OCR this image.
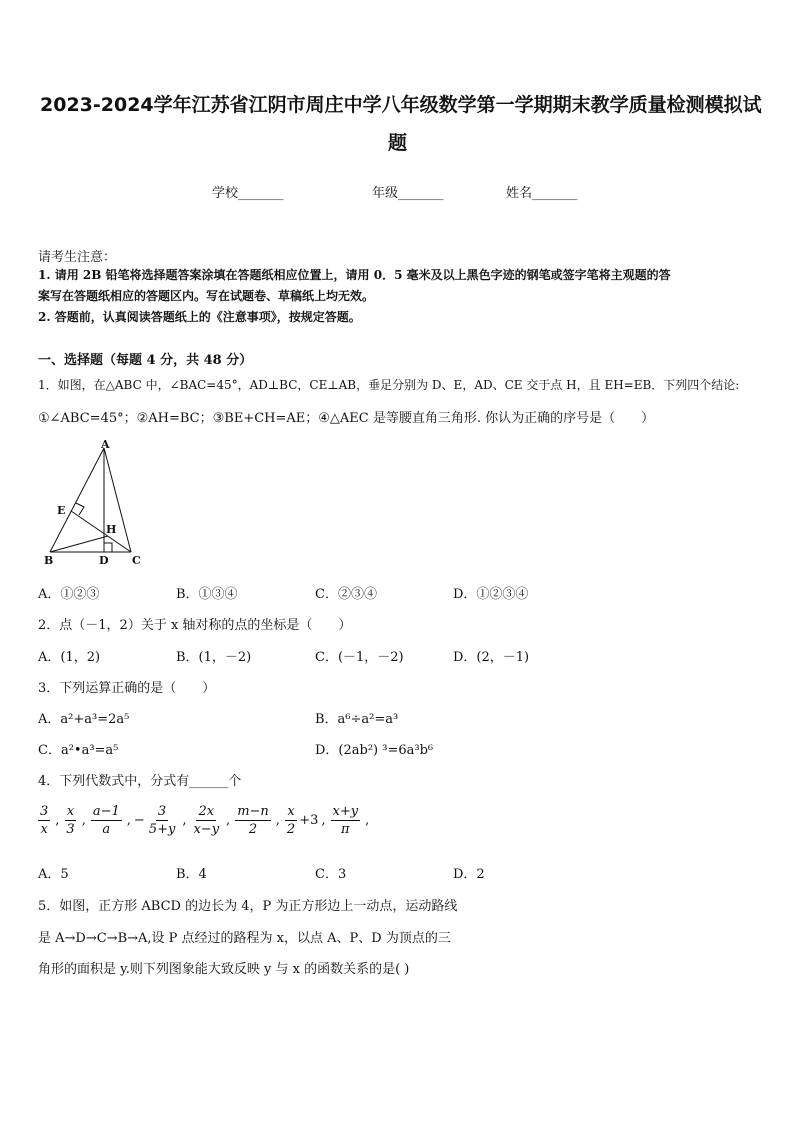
2023-2024学年江苏省江阴市周庄中学八年级数学第一学期期末教学质量检测模拟试
题
学校_______	年级_______	姓名_______
请考生注意：
1. 请用 2B 铅笔将选择题答案涂填在答题纸相应位置上，请用 0．5 毫米及以上黑色字迹的钢笔或签字笔将主观题的答
案写在答题纸相应的答题区内。写在试题卷、草稿纸上均无效。
2. 答题前，认真阅读答题纸上的《注意事项》，按规定答题。
一、选择题（每题 4 分，共 48 分）
1．如图，在△ABC 中，∠BAC=45°，AD⊥BC，CE⊥AB，垂足分别为 D、E，AD、CE 交于点 H，且 EH=EB．下列四个结论:
①∠ABC=45°；②AH=BC；③BE+CH=AE；④△AEC 是等腰直角三角形. 你认为正确的序号是（　　）
A
E
H
B	D C
A．①②③	B．①③④	C．②③④	D．①②③④
2．点（－1，2）关于 x 轴对称的点的坐标是（　　）
A．(1，2)	B．(1，－2)	C．(－1，－2)	D．(2，－1)
3．下列运算正确的是（　　）
A．a²+a³=2a⁵	B．a⁶÷a²=a³
C．a²•a³=a⁵	D．(2ab²) ³=6a³b⁶
4．下列代数式中，分式有______个
$\frac{3}{x}$ , $\frac{x}{3}$ , $\frac{a-1}{a}$ , − $\frac{3}{5+y}$ , $\frac{2x}{x-y}$ , $\frac{m-n}{2}$ , $\frac{x}{2} +3$ , $\frac{x+y}{\pi}$ ,
A．5	B．4	C．3	D．2
5．如图，正方形 ABCD 的边长为 4，P 为正方形边上一动点，运动路线
是 A→D→C→B→A,设 P 点经过的路程为 x，以点 A、P、D 为顶点的三
角形的面积是 y.则下列图象能大致反映 y 与 x 的函数关系的是( )
